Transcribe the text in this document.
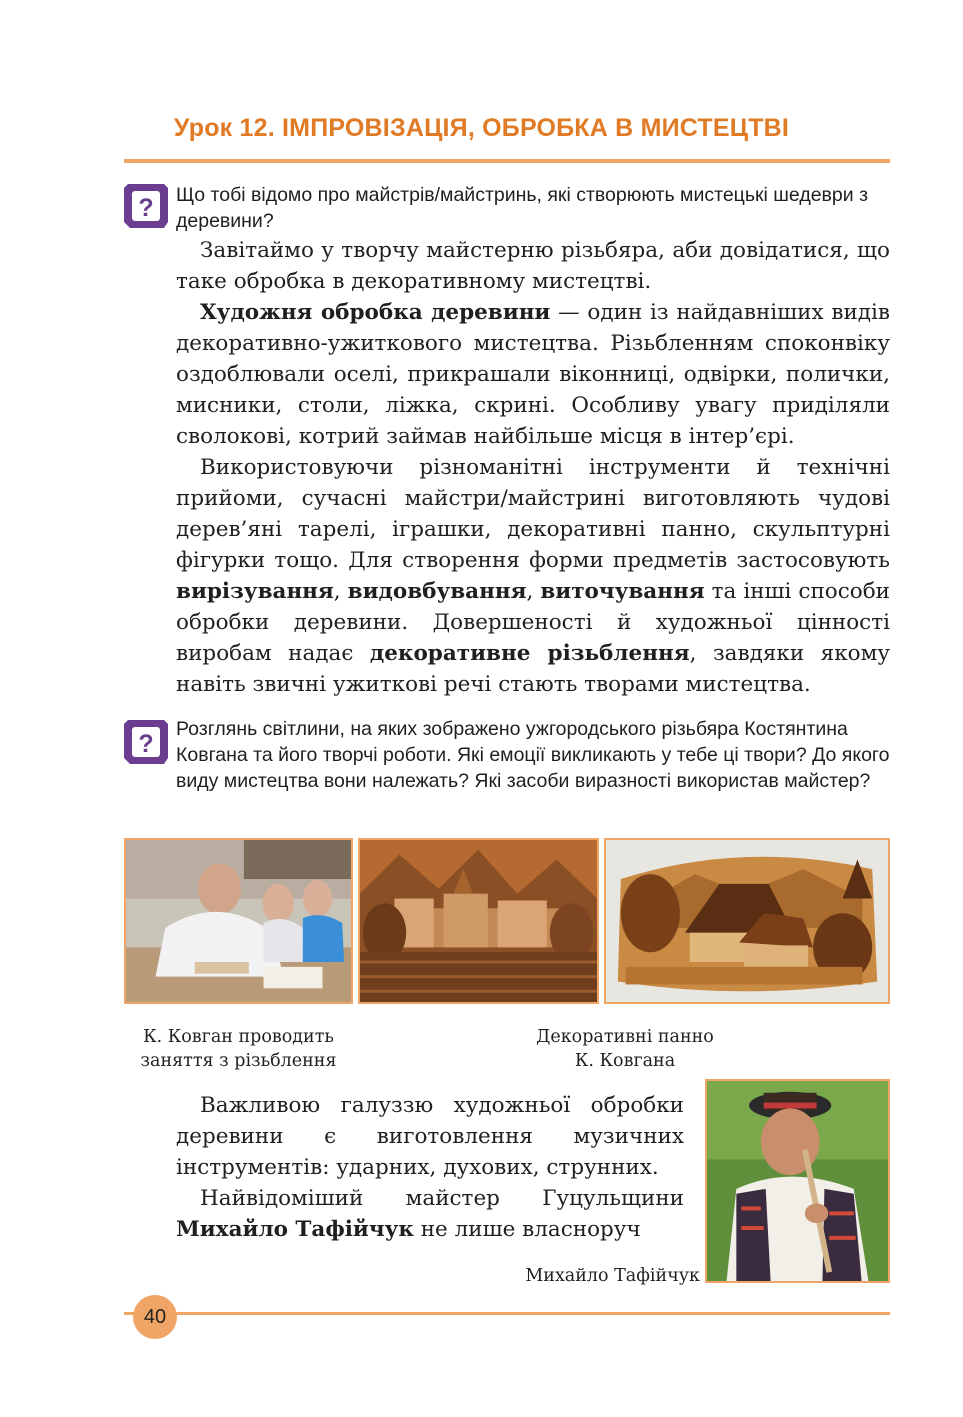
Урок 12. ІМПРОВІЗАЦІЯ, ОБРОБКА В МИСТЕЦТВІ
? Що тобі відомо про майстрів/майстринь, які створюють мистецькі шедеври з деревини?

Завітаймо у творчу майстерню різьбяра, аби довідатися, що таке обробка в декоративному мистецтві.

Художня обробка деревини — один із найдавніших видів декоративно-ужиткового мистецтва. Різьбленням споконвіку оздоблювали оселі, прикрашали віконниці, одвірки, полички, мисники, столи, ліжка, скрині. Особливу увагу приділяли сволокові, котрий займав найбільше місця в інтер’єрі.

Використовуючи різноманітні інструменти й технічні прийоми, сучасні майстри/майстрині виготовляють чудові дерев’яні тарелі, іграшки, декоративні панно, скульптурні фігурки тощо. Для створення форми предметів застосовують вирізування, видовбування, виточування та інші способи обробки деревини. Довершеності й художньої цінності виробам надає декоративне різьблення, завдяки якому навіть звичні ужиткові речі стають творами мистецтва.

?
Розглянь світлини, на яких зображено ужгородського різьбяра Костянтина Ковгана та його творчі роботи. Які емоції викликають у тебе ці твори? До якого виду мистецтва вони належать? Які засоби виразності використав майстер?
К. Ковган проводить
заняття з різьблення
Декоративні панно
К. Ковгана

Важливою галуззю художньої обробки деревини є виготовлення музичних інструментів: ударних, духових, струнних.

Найвідоміший майстер Гуцульщини Михайло Тафійчук не лише власноруч

Михайло Тафійчук
40
